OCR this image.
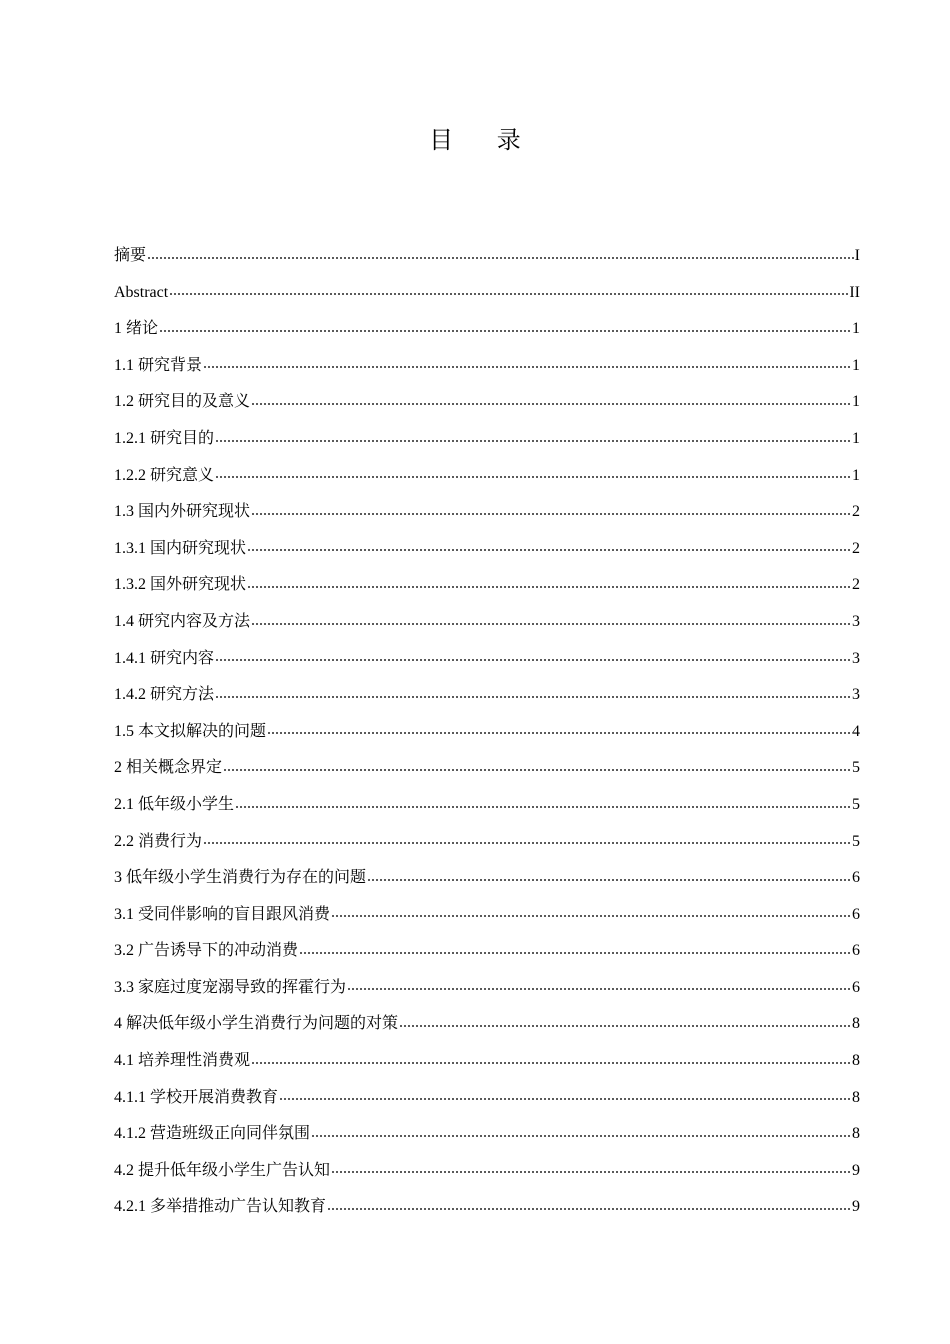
目 录
摘要	I
Abstract	II
1 绪论	1
1.1 研究背景	1
1.2 研究目的及意义	1
1.2.1 研究目的	1
1.2.2 研究意义	1
1.3 国内外研究现状	2
1.3.1 国内研究现状	2
1.3.2 国外研究现状	2
1.4 研究内容及方法	3
1.4.1 研究内容	3
1.4.2 研究方法	3
1.5 本文拟解决的问题	4
2 相关概念界定	5
2.1 低年级小学生	5
2.2 消费行为	5
3 低年级小学生消费行为存在的问题	6
3.1 受同伴影响的盲目跟风消费	6
3.2 广告诱导下的冲动消费	6
3.3 家庭过度宠溺导致的挥霍行为	6
4 解决低年级小学生消费行为问题的对策	8
4.1 培养理性消费观	8
4.1.1 学校开展消费教育	8
4.1.2 营造班级正向同伴氛围	8
4.2 提升低年级小学生广告认知	9
4.2.1 多举措推动广告认知教育	9
